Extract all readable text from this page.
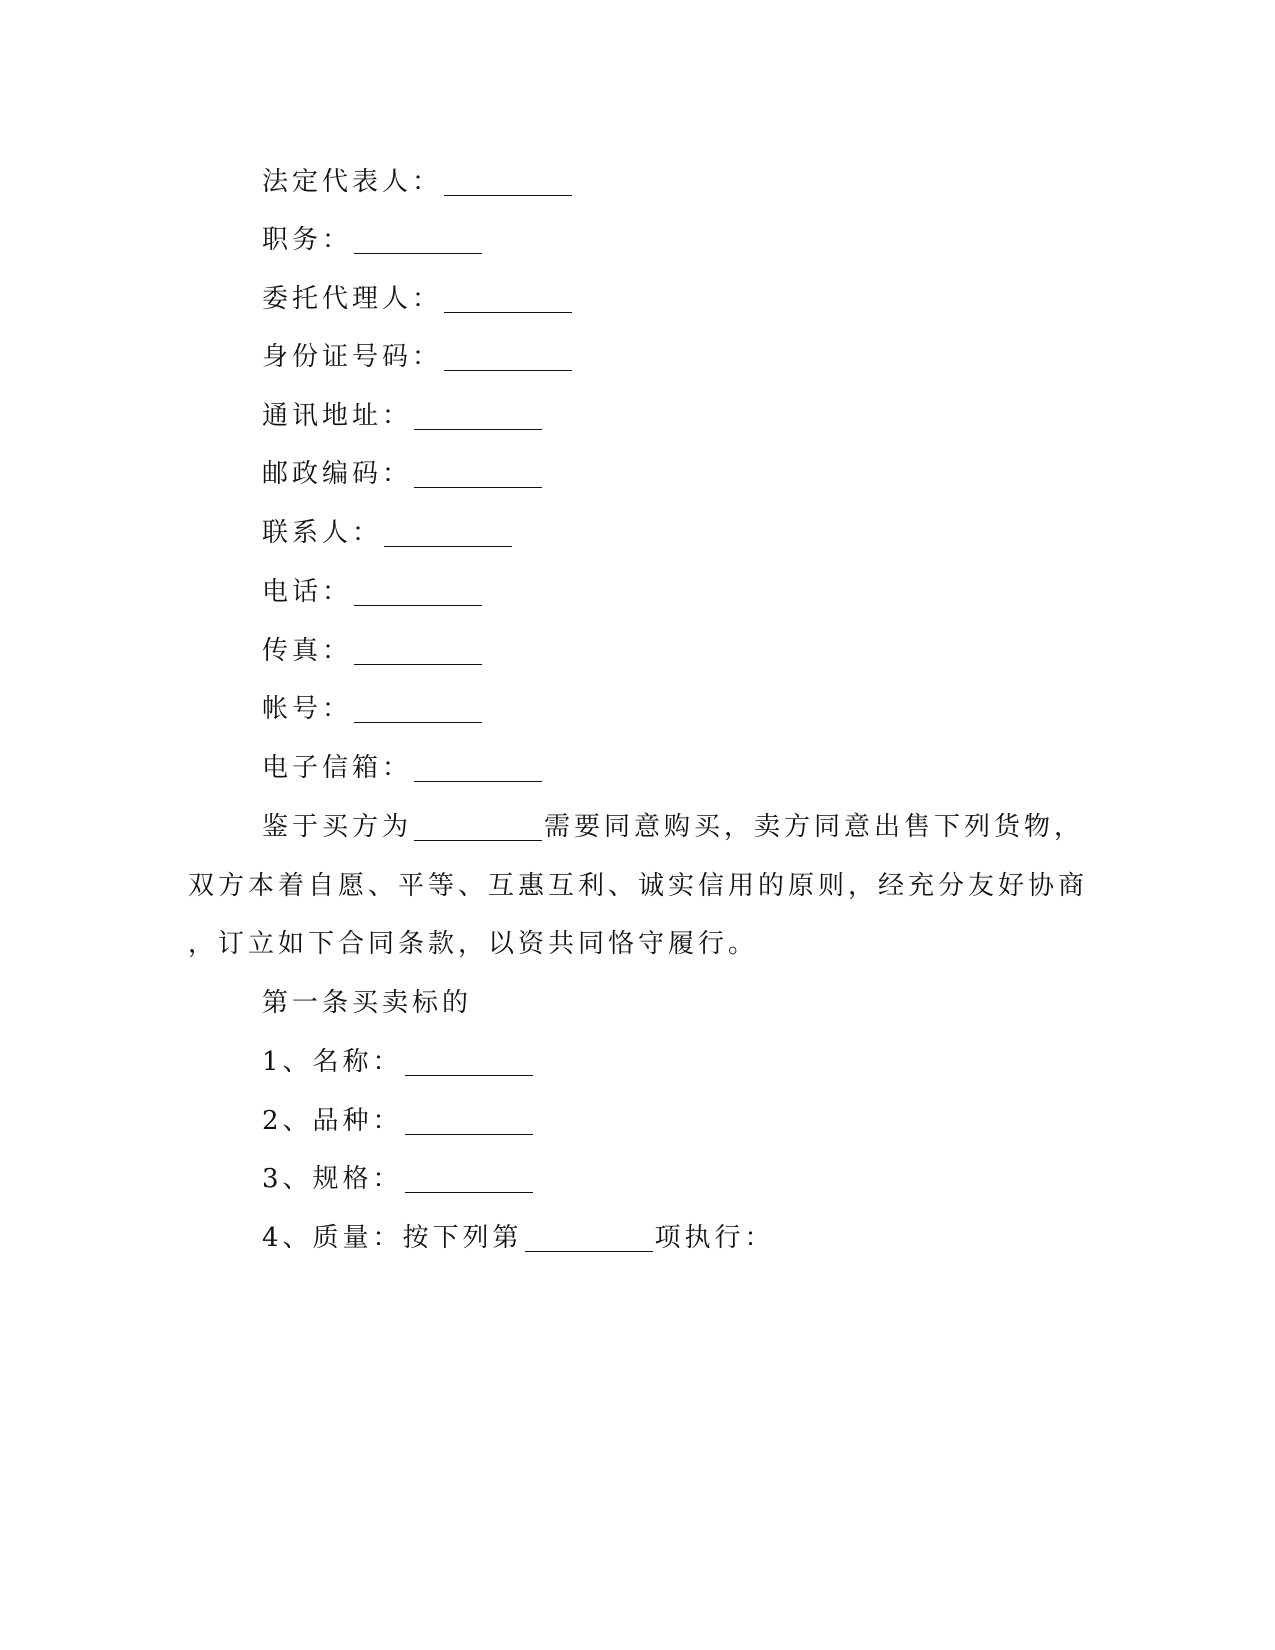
法定代表人：
职务：
委托代理人：
身份证号码：
通讯地址：
邮政编码：
联系人：
电话：
传真：
帐号：
电子信箱：
鉴于买方为	需要同意购买，卖方同意出售下列货物，
双方本着自愿、平等、互惠互利、诚实信用的原则，经充分友好协商
，订立如下合同条款，以资共同恪守履行。
第一条买卖标的
1、名称：
2、品种：
3、规格：
4、质量：按下列第	项执行：
